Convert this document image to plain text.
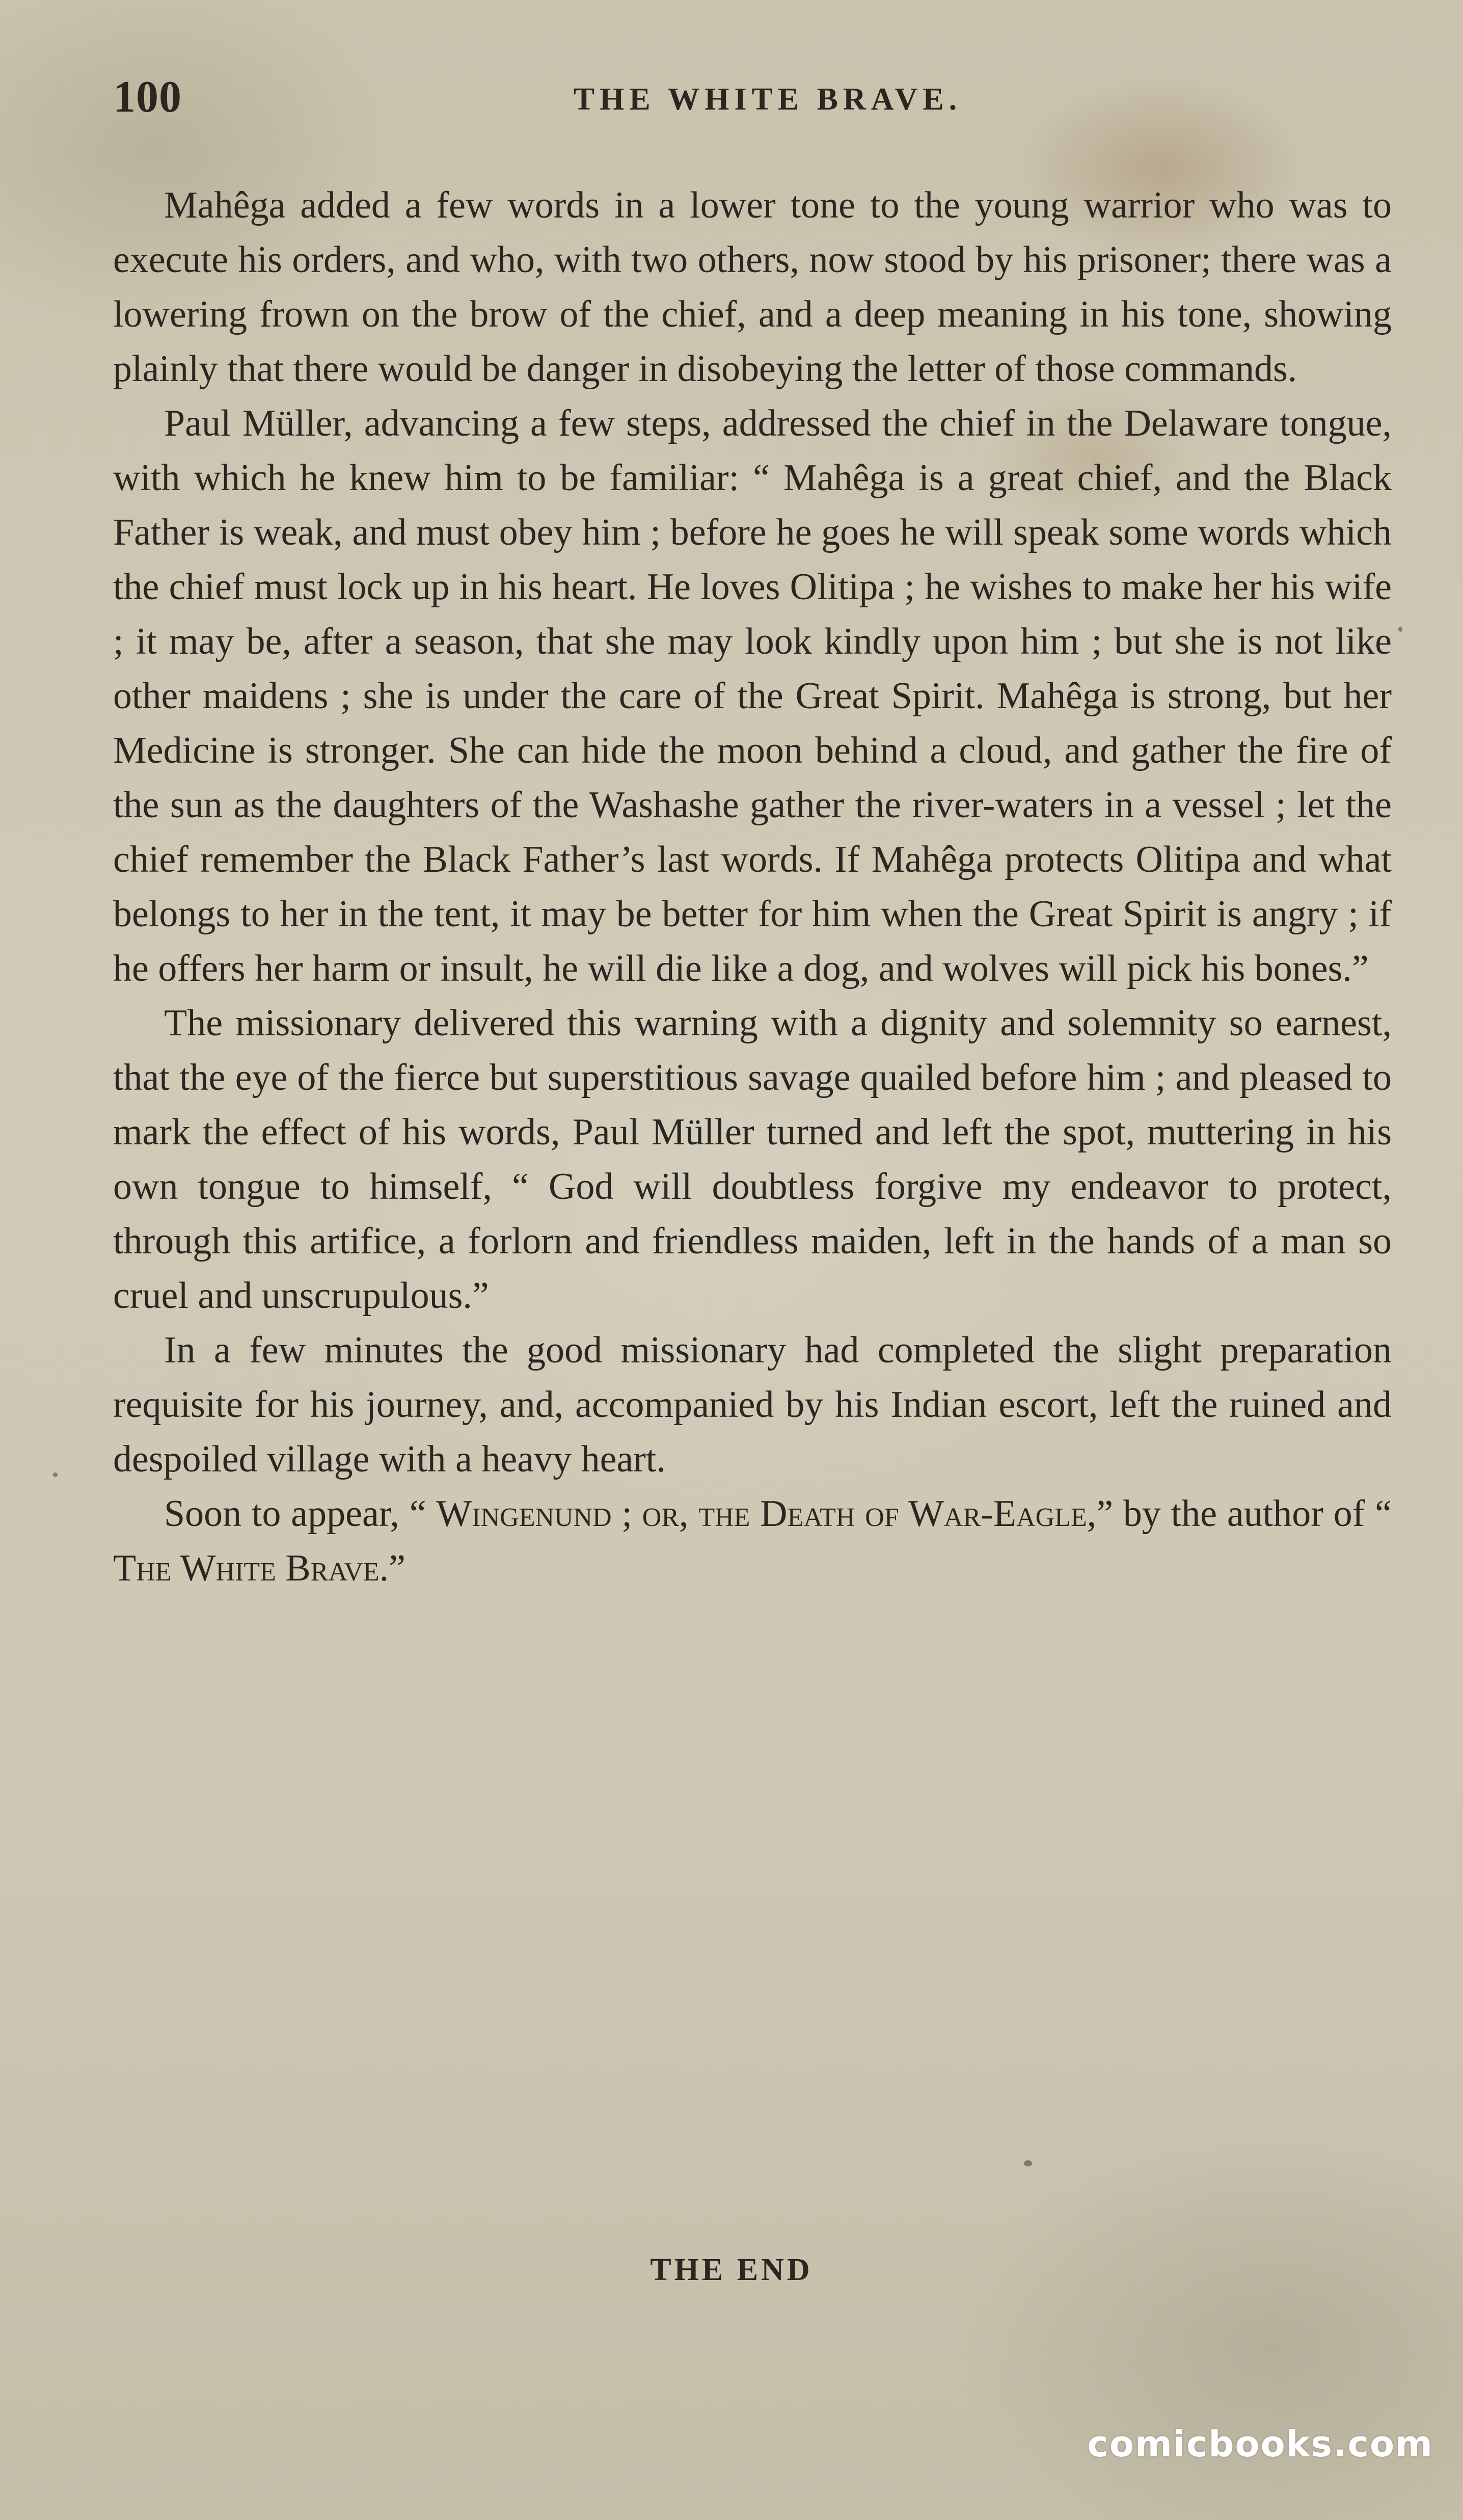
100	THE WHITE BRAVE.

Mahêga added a few words in a lower tone to the young warrior who was to execute his orders, and who, with two others, now stood by his prisoner; there was a lowering frown on the brow of the chief, and a deep meaning in his tone, showing plainly that there would be danger in disobeying the letter of those commands.

Paul Müller, advancing a few steps, addressed the chief in the Delaware tongue, with which he knew him to be familiar: “ Mahêga is a great chief, and the Black Father is weak, and must obey him ; before he goes he will speak some words which the chief must lock up in his heart. He loves Olitipa ; he wishes to make her his wife ; it may be, after a season, that she may look kindly upon him ; but she is not like other maidens ; she is under the care of the Great Spirit. Mahêga is strong, but her Medicine is stronger. She can hide the moon behind a cloud, and gather the fire of the sun as the daughters of the Washashe gather the river-waters in a vessel ; let the chief remember the Black Father’s last words. If Mahêga protects Olitipa and what belongs to her in the tent, it may be better for him when the Great Spirit is angry ; if he offers her harm or insult, he will die like a dog, and wolves will pick his bones.”

The missionary delivered this warning with a dignity and solemnity so earnest, that the eye of the fierce but superstitious savage quailed before him ; and pleased to mark the effect of his words, Paul Müller turned and left the spot, muttering in his own tongue to himself, “ God will doubtless forgive my endeavor to protect, through this artifice, a forlorn and friendless maiden, left in the hands of a man so cruel and unscrupulous.”

In a few minutes the good missionary had completed the slight preparation requisite for his journey, and, accompanied by his Indian escort, left the ruined and despoiled village with a heavy heart.

Soon to appear, “ Wingenund ; or, the Death of War-Eagle,” by the author of “ The White Brave.”

THE END
comicbooks.com
